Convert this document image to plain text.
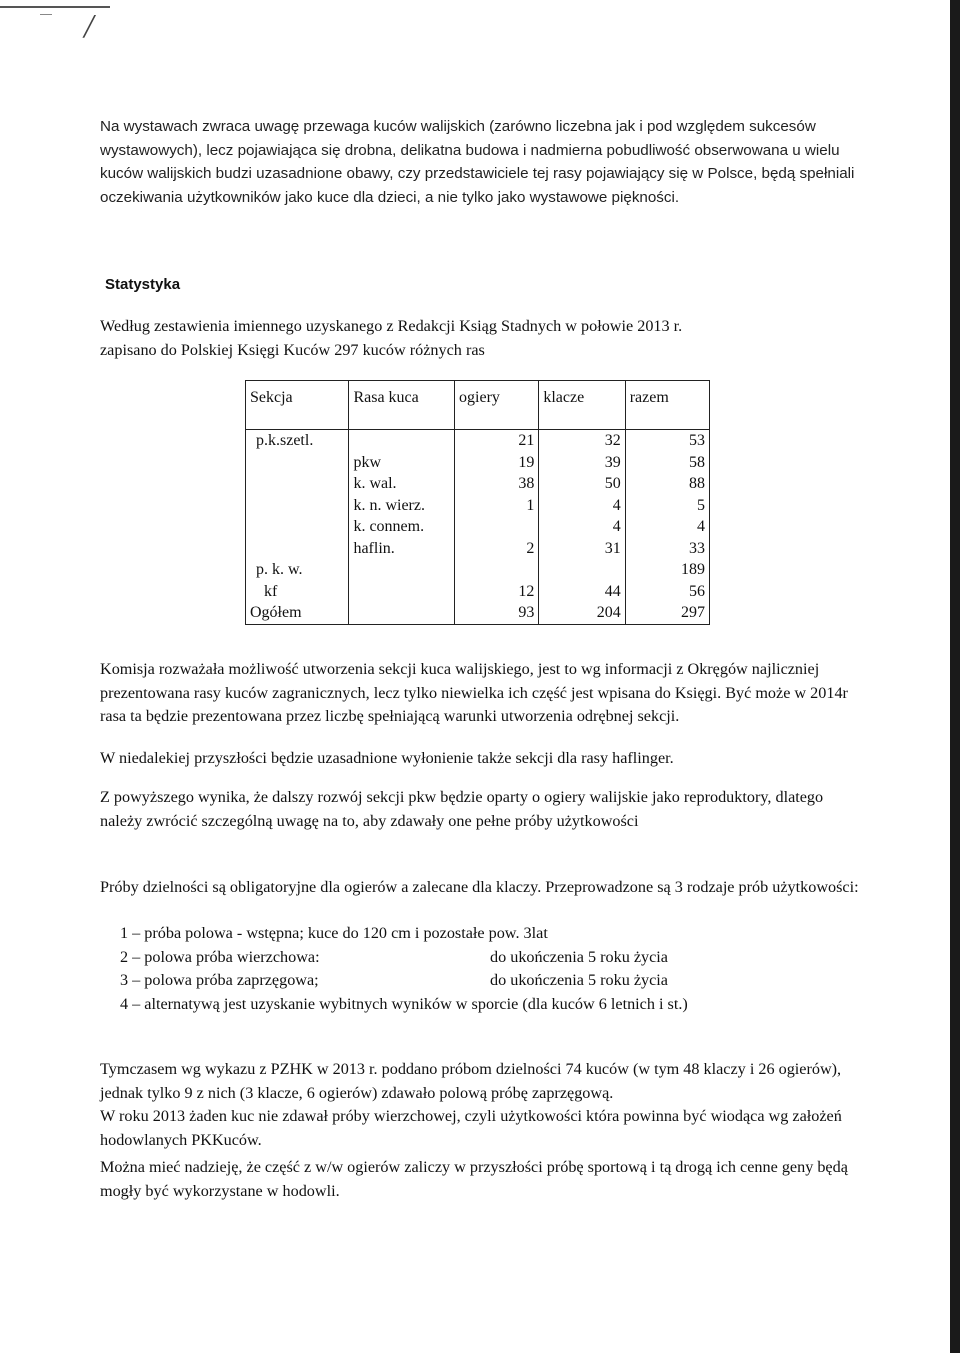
/

Na wystawach zwraca uwagę przewaga kuców walijskich (zarówno liczebna jak i pod względem sukcesów wystawowych), lecz pojawiająca się drobna, delikatna budowa i nadmierna pobudliwość obserwowana u wielu kuców walijskich budzi uzasadnione obawy, czy przedstawiciele tej rasy pojawiający się w Polsce, będą spełniali oczekiwania użytkowników jako kuce dla dzieci, a nie tylko jako wystawowe piękności.

Statystyka

Według zestawienia imiennego uzyskanego z Redakcji Ksiąg Stadnych w połowie 2013 r.

zapisano do Polskiej Księgi Kuców 297 kuców różnych ras

Sekcja	Rasa kuca	ogiery	klacze	razem
p.k.szetl.		21	32	53
	pkw	19	39	58
	k. wal.	38	50	88
	k. n. wierz.	1	4	5
	k. connem.		4	4
	haflin.	2	31	33
p. k. w.				189
kf		12	44	56
Ogółem		93	204	297

Komisja rozważała możliwość utworzenia sekcji kuca walijskiego, jest to wg informacji z Okręgów najliczniej prezentowana rasy kuców zagranicznych, lecz tylko niewielka ich część jest wpisana do Księgi. Być może w 2014r rasa ta będzie prezentowana przez liczbę spełniającą warunki utworzenia odrębnej sekcji.

W niedalekiej przyszłości będzie uzasadnione wyłonienie także sekcji dla rasy haflinger.

Z powyższego wynika, że dalszy rozwój sekcji pkw będzie oparty o ogiery walijskie jako reproduktory, dlatego należy zwrócić szczególną uwagę na to, aby zdawały one pełne próby użytkowości

Próby dzielności są obligatoryjne dla ogierów a zalecane dla klaczy. Przeprowadzone są 3 rodzaje prób użytkowości:

1 – próba polowa - wstępna; kuce do 120 cm i pozostałe pow. 3lat
2 – polowa próba wierzchowa:	do ukończenia 5 roku życia
3 – polowa próba zaprzęgowa;	do ukończenia 5 roku życia
4 – alternatywą jest uzyskanie wybitnych wyników w sporcie (dla kuców 6 letnich i st.)

Tymczasem wg wykazu z PZHK w 2013 r. poddano próbom dzielności 74 kuców (w tym 48 klaczy i 26 ogierów), jednak tylko 9 z nich (3 klacze, 6 ogierów) zdawało polową próbę zaprzęgową.

W roku 2013 żaden kuc nie zdawał próby wierzchowej, czyli użytkowości która powinna być wiodąca wg założeń hodowlanych PKKuców.

Można mieć nadzieję, że część z w/w ogierów zaliczy w przyszłości próbę sportową i tą drogą ich cenne geny będą mogły być wykorzystane w hodowli.
